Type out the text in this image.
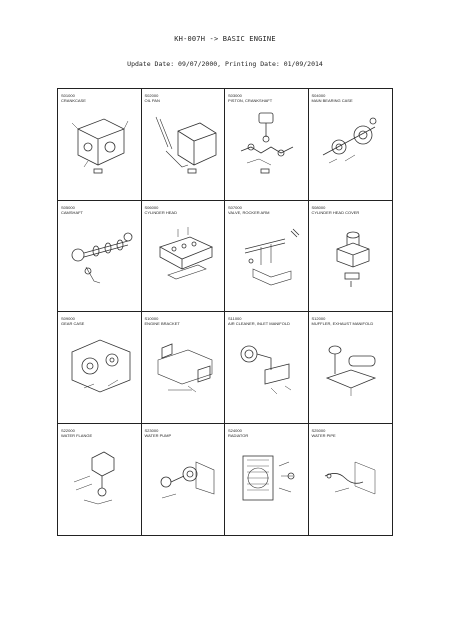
KH-007H -> BASIC ENGINE
Update Date: 09/07/2000, Printing Date: 01/09/2014
S01000
CRANKCASE
S02000
OIL PAN
S03000
PISTON, CRANKSHAFT
S04000
MAIN BEARING CASE
S05000
CAMSHAFT
S06000
CYLINDER HEAD
S07000
VALVE, ROCKER ARM
S08000
CYLINDER HEAD COVER
S09000
GEAR CASE
S10000
ENGINE BRACKET
S11000
AIR CLEANER, INLET MANIFOLD
S12000
MUFFLER, EXHAUST MANIFOLD
S22000
WATER FLANGE
S23000
WATER PUMP
S24000
RADIATOR
S25000
WATER PIPE
